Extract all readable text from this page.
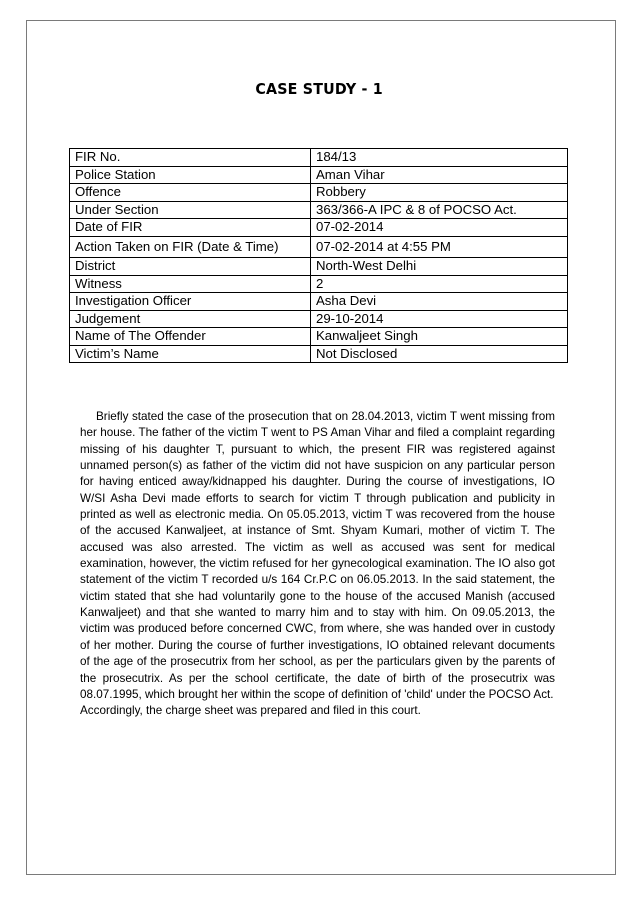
CASE STUDY - 1
FIR No.	184/13
Police Station	Aman Vihar
Offence	Robbery
Under Section	363/366-A IPC & 8 of POCSO Act.
Date of FIR	07-02-2014
Action Taken on FIR (Date & Time)	07-02-2014 at 4:55 PM
District	North-West Delhi
Witness	2
Investigation Officer	Asha Devi
Judgement	29-10-2014
Name of The Offender	Kanwaljeet Singh
Victim’s Name	Not Disclosed

Briefly stated the case of the prosecution that on 28.04.2013, victim T went missing from her house. The father of the victim T went to PS Aman Vihar and filed a complaint regarding missing of his daughter T, pursuant to which, the present FIR was registered against unnamed person(s) as father of the victim did not have suspicion on any particular person for having enticed away/kidnapped his daughter. During the course of investigations, IO W/SI Asha Devi made efforts to search for victim T through publication and publicity in printed as well as electronic media. On 05.05.2013, victim T was recovered from the house of the accused Kanwaljeet, at instance of Smt. Shyam Kumari, mother of victim T. The accused was also arrested. The victim as well as accused was sent for medical examination, however, the victim refused for her gynecological examination. The IO also got statement of the victim T recorded u/s 164 Cr.P.C on 06.05.2013. In the said statement, the victim stated that she had voluntarily gone to the house of the accused Manish (accused Kanwaljeet) and that she wanted to marry him and to stay with him. On 09.05.2013, the victim was produced before concerned CWC, from where, she was handed over in custody of her mother. During the course of further investigations, IO obtained relevant documents of the age of the prosecutrix from her school, as per the particulars given by the parents of the prosecutrix. As per the school certificate, the date of birth of the prosecutrix was 08.07.1995, which brought her within the scope of definition of 'child' under the POCSO Act.

Accordingly, the charge sheet was prepared and filed in this court.
